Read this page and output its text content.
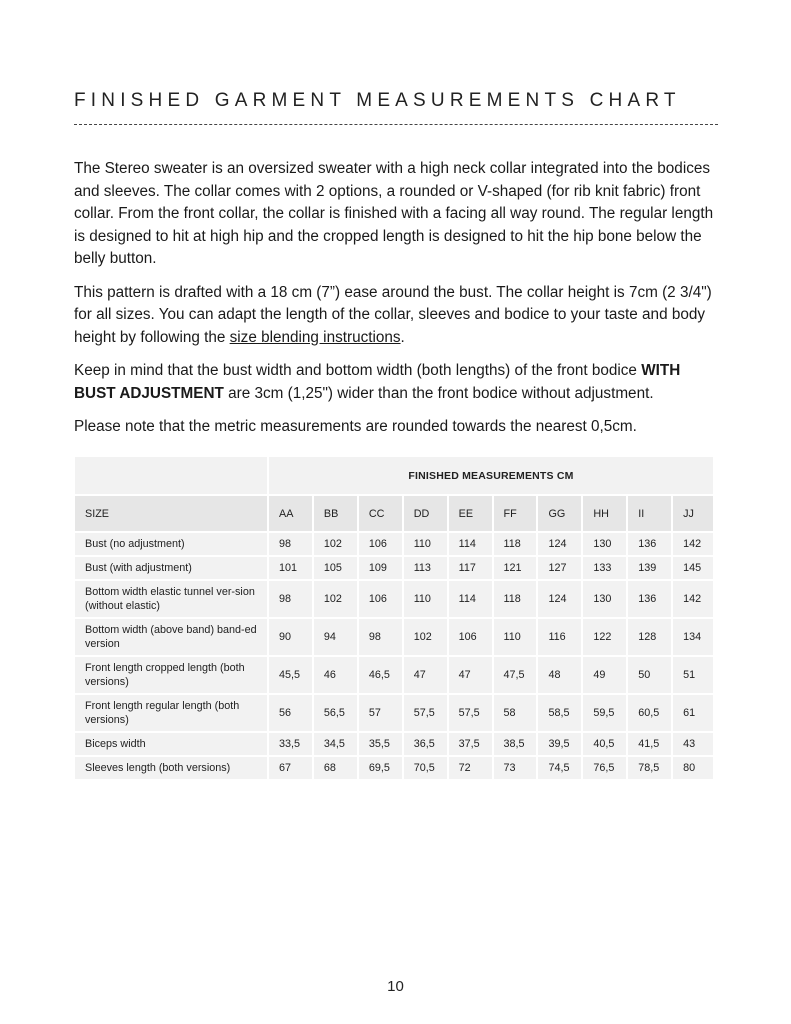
FINISHED GARMENT MEASUREMENTS CHART

The Stereo sweater is an oversized sweater with a high neck collar integrated into the bodices and sleeves. The collar comes with 2 options, a rounded or V-shaped (for rib knit fabric) front collar. From the front collar, the collar is finished with a facing all way round. The regular length is designed to hit at high hip and the cropped length is designed to hit the hip bone below the belly button.

This pattern is drafted with a 18 cm (7”) ease around the bust. The collar height is 7cm (2 3/4") for all sizes. You can adapt the length of the collar, sleeves and bodice to your taste and body height by following the size blending instructions.

Keep in mind that the bust width and bottom width (both lengths) of the front bodice WITH BUST ADJUSTMENT are 3cm (1,25") wider than the front bodice without adjustment.

Please note that the metric measurements are rounded towards the nearest 0,5cm.

	FINISHED MEASUREMENTS CM									
SIZE	AA	BB	CC	DD	EE	FF	GG	HH	II	JJ
Bust (no adjustment)	98	102	106	110	114	118	124	130	136	142
Bust (with adjustment)	101	105	109	113	117	121	127	133	139	145
Bottom width elastic tunnel ver-sion (without elastic)	98	102	106	110	114	118	124	130	136	142
Bottom width (above band) band-ed version	90	94	98	102	106	110	116	122	128	134
Front length cropped length (both versions)	45,5	46	46,5	47	47	47,5	48	49	50	51
Front length regular length (both versions)	56	56,5	57	57,5	57,5	58	58,5	59,5	60,5	61
Biceps width	33,5	34,5	35,5	36,5	37,5	38,5	39,5	40,5	41,5	43
Sleeves length (both versions)	67	68	69,5	70,5	72	73	74,5	76,5	78,5	80
10
